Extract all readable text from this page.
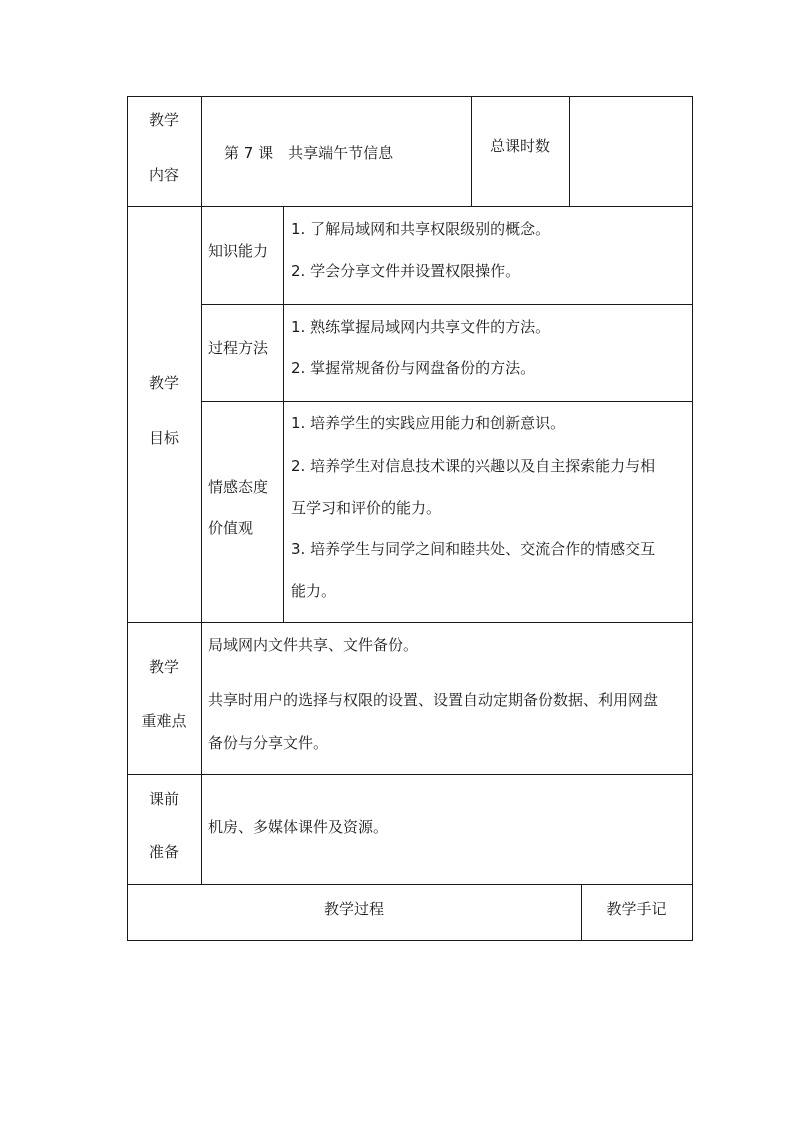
教学
内容
第 7 课　共享端午节信息	总课时数
教学
目标
知识能力
1. 了解局域网和共享权限级别的概念。
2. 学会分享文件并设置权限操作。
过程方法
1. 熟练掌握局域网内共享文件的方法。
2. 掌握常规备份与网盘备份的方法。
情感态度
价值观
1. 培养学生的实践应用能力和创新意识。
2. 培养学生对信息技术课的兴趣以及自主探索能力与相
互学习和评价的能力。
3. 培养学生与同学之间和睦共处、交流合作的情感交互
能力。
教学
重难点
局域网内文件共享、文件备份。
共享时用户的选择与权限的设置、设置自动定期备份数据、利用网盘
备份与分享文件。
课前
准备
机房、多媒体课件及资源。
教学过程	教学手记
